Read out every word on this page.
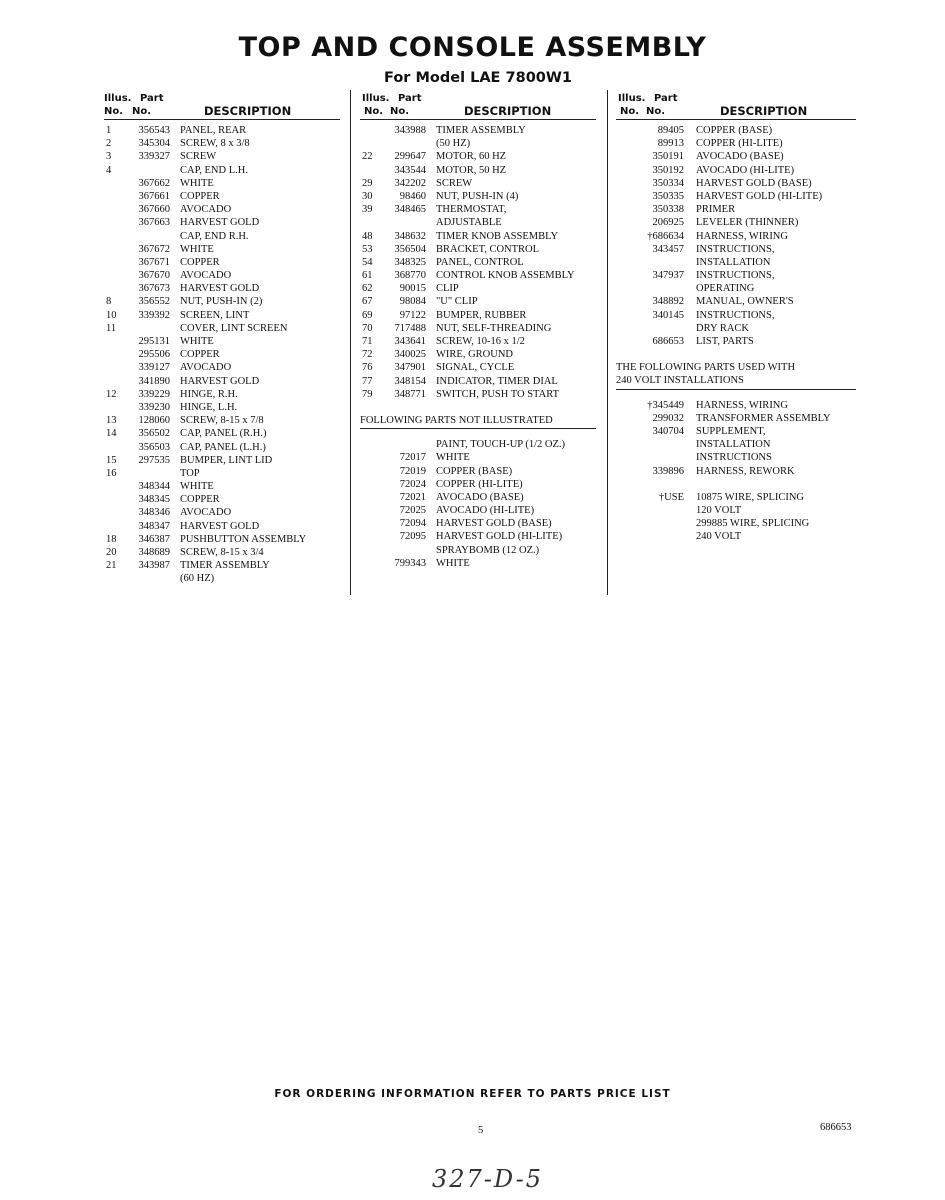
TOP AND CONSOLE ASSEMBLY
For Model LAE 7800W1
Illus. Part
No. No.	DESCRIPTION
1	356543 PANEL, REAR
2	345304 SCREW, 8 x 3/8
3	339327 SCREW
4	CAP, END L.H.
367662 WHITE
367661 COPPER
367660 AVOCADO
367663 HARVEST GOLD
CAP, END R.H.
367672 WHITE
367671 COPPER
367670 AVOCADO
367673 HARVEST GOLD
8	356552 NUT, PUSH-IN (2)
10	339392 SCREEN, LINT
11	COVER, LINT SCREEN
295131 WHITE
295506 COPPER
339127 AVOCADO
341890 HARVEST GOLD
12	339229 HINGE, R.H.
339230 HINGE, L.H.
13	128060 SCREW, 8-15 x 7/8
14	356502 CAP, PANEL (R.H.)
356503 CAP, PANEL (L.H.)
15	297535 BUMPER, LINT LID
16	TOP
348344 WHITE
348345 COPPER
348346 AVOCADO
348347 HARVEST GOLD
18	346387 PUSHBUTTON ASSEMBLY
20	348689 SCREW, 8-15 x 3/4
21	343987 TIMER ASSEMBLY
(60 HZ)
Illus. Part
No. No.	DESCRIPTION
343988 TIMER ASSEMBLY
(50 HZ)
22	299647 MOTOR, 60 HZ
343544 MOTOR, 50 HZ
29	342202 SCREW
30	98460 NUT, PUSH-IN (4)
39	348465 THERMOSTAT,
ADJUSTABLE
48	348632 TIMER KNOB ASSEMBLY
53	356504 BRACKET, CONTROL
54	348325 PANEL, CONTROL
61	368770 CONTROL KNOB ASSEMBLY
62	90015 CLIP
67	98084 "U" CLIP
69	97122 BUMPER, RUBBER
70	717488 NUT, SELF-THREADING
71	343641 SCREW, 10-16 x 1/2
72	340025 WIRE, GROUND
76	347901 SIGNAL, CYCLE
77	348154 INDICATOR, TIMER DIAL
79	348771 SWITCH, PUSH TO START
FOLLOWING PARTS NOT ILLUSTRATED
PAINT, TOUCH-UP (1/2 OZ.)
72017 WHITE
72019 COPPER (BASE)
72024 COPPER (HI-LITE)
72021 AVOCADO (BASE)
72025 AVOCADO (HI-LITE)
72094 HARVEST GOLD (BASE)
72095 HARVEST GOLD (HI-LITE)
SPRAYBOMB (12 OZ.)
799343 WHITE
Illus. Part
No. No.	DESCRIPTION
89405 COPPER (BASE)
89913 COPPER (HI-LITE)
350191 AVOCADO (BASE)
350192 AVOCADO (HI-LITE)
350334 HARVEST GOLD (BASE)
350335 HARVEST GOLD (HI-LITE)
350338 PRIMER
206925 LEVELER (THINNER)
†686634 HARNESS, WIRING
343457 INSTRUCTIONS,
INSTALLATION
347937 INSTRUCTIONS,
OPERATING
348892 MANUAL, OWNER'S
340145 INSTRUCTIONS,
DRY RACK
686653 LIST, PARTS
THE FOLLOWING PARTS USED WITH
240 VOLT INSTALLATIONS
†345449 HARNESS, WIRING
299032 TRANSFORMER ASSEMBLY
340704 SUPPLEMENT,
INSTALLATION
INSTRUCTIONS
339896 HARNESS, REWORK
†USE 10875 WIRE, SPLICING
120 VOLT
299885 WIRE, SPLICING
240 VOLT
FOR ORDERING INFORMATION REFER TO PARTS PRICE LIST
5	686653
327-D-5
